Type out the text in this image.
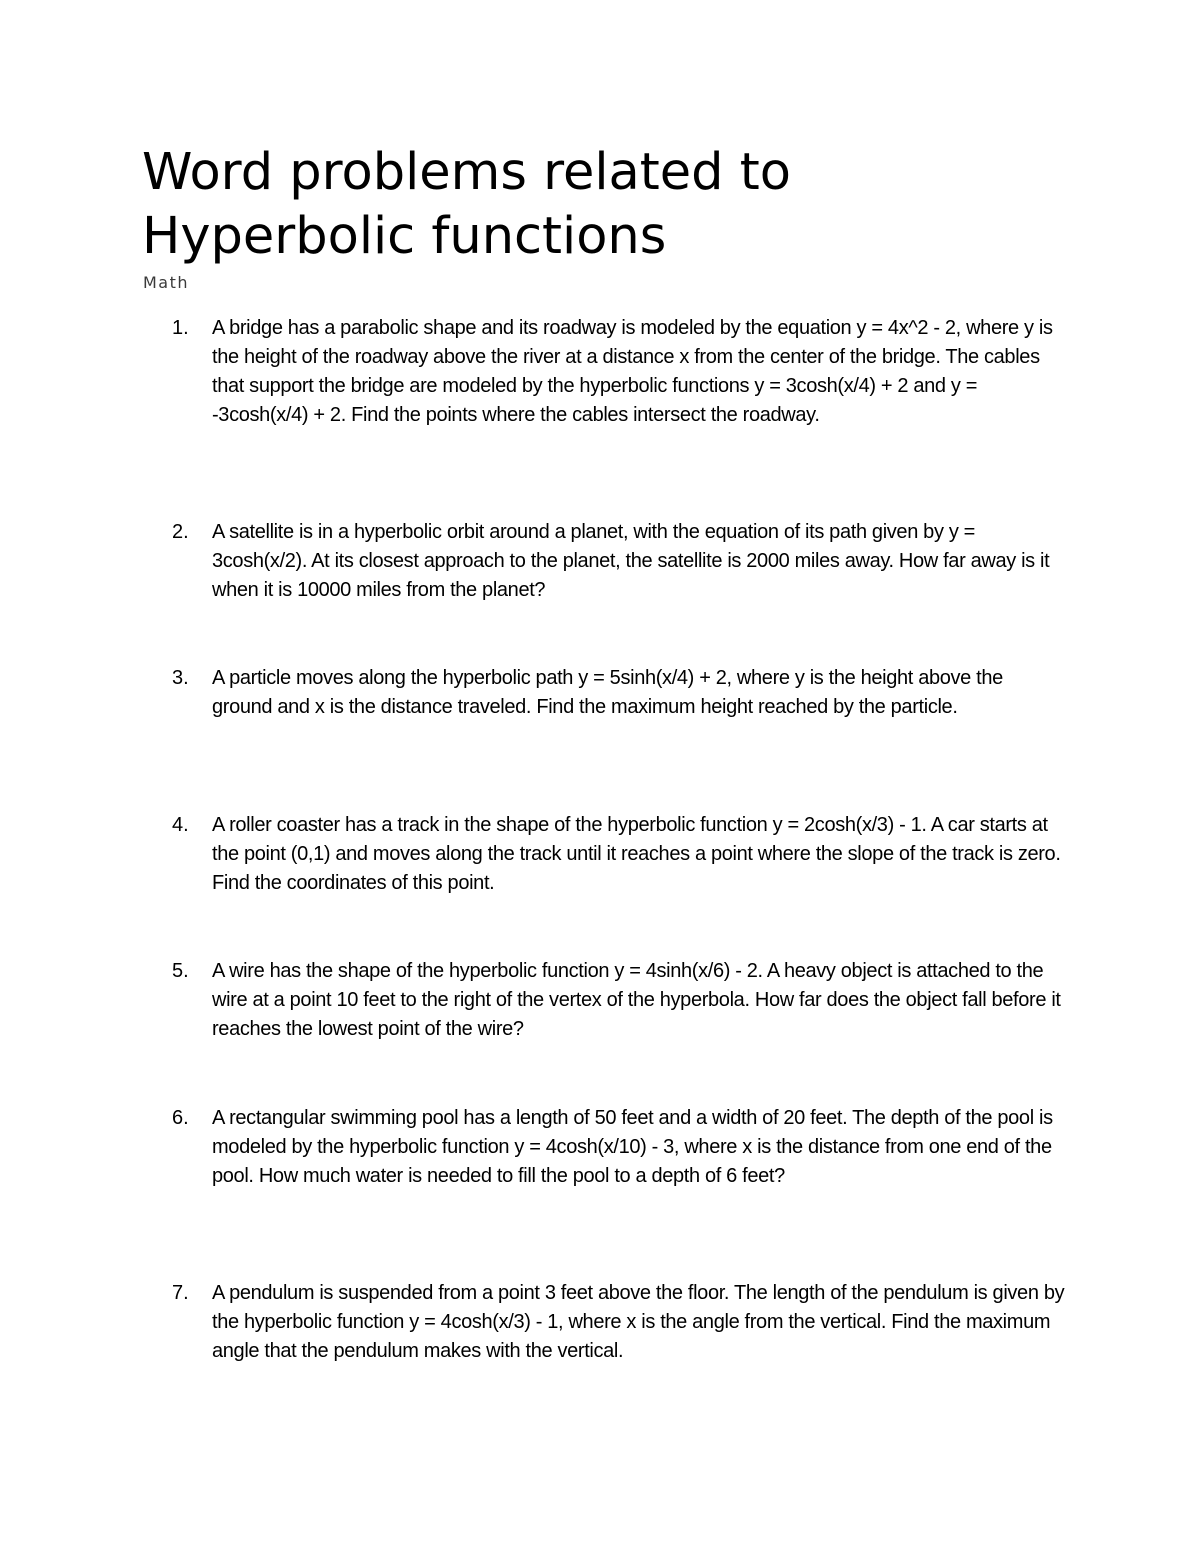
Word problems related to Hyperbolic functions
Math
1. A bridge has a parabolic shape and its roadway is modeled by the equation y = 4x^2 - 2, where y is the height of the roadway above the river at a distance x from the center of the bridge. The cables that support the bridge are modeled by the hyperbolic functions y = 3cosh(x/4) + 2 and y = -3cosh(x/4) + 2. Find the points where the cables intersect the roadway.
2. A satellite is in a hyperbolic orbit around a planet, with the equation of its path given by y = 3cosh(x/2). At its closest approach to the planet, the satellite is 2000 miles away. How far away is it when it is 10000 miles from the planet?
3. A particle moves along the hyperbolic path y = 5sinh(x/4) + 2, where y is the height above the ground and x is the distance traveled. Find the maximum height reached by the particle.
4. A roller coaster has a track in the shape of the hyperbolic function y = 2cosh(x/3) - 1. A car starts at the point (0,1) and moves along the track until it reaches a point where the slope of the track is zero. Find the coordinates of this point.
5. A wire has the shape of the hyperbolic function y = 4sinh(x/6) - 2. A heavy object is attached to the wire at a point 10 feet to the right of the vertex of the hyperbola. How far does the object fall before it reaches the lowest point of the wire?
6. A rectangular swimming pool has a length of 50 feet and a width of 20 feet. The depth of the pool is modeled by the hyperbolic function y = 4cosh(x/10) - 3, where x is the distance from one end of the pool. How much water is needed to fill the pool to a depth of 6 feet?
7. A pendulum is suspended from a point 3 feet above the floor. The length of the pendulum is given by the hyperbolic function y = 4cosh(x/3) - 1, where x is the angle from the vertical. Find the maximum angle that the pendulum makes with the vertical.
